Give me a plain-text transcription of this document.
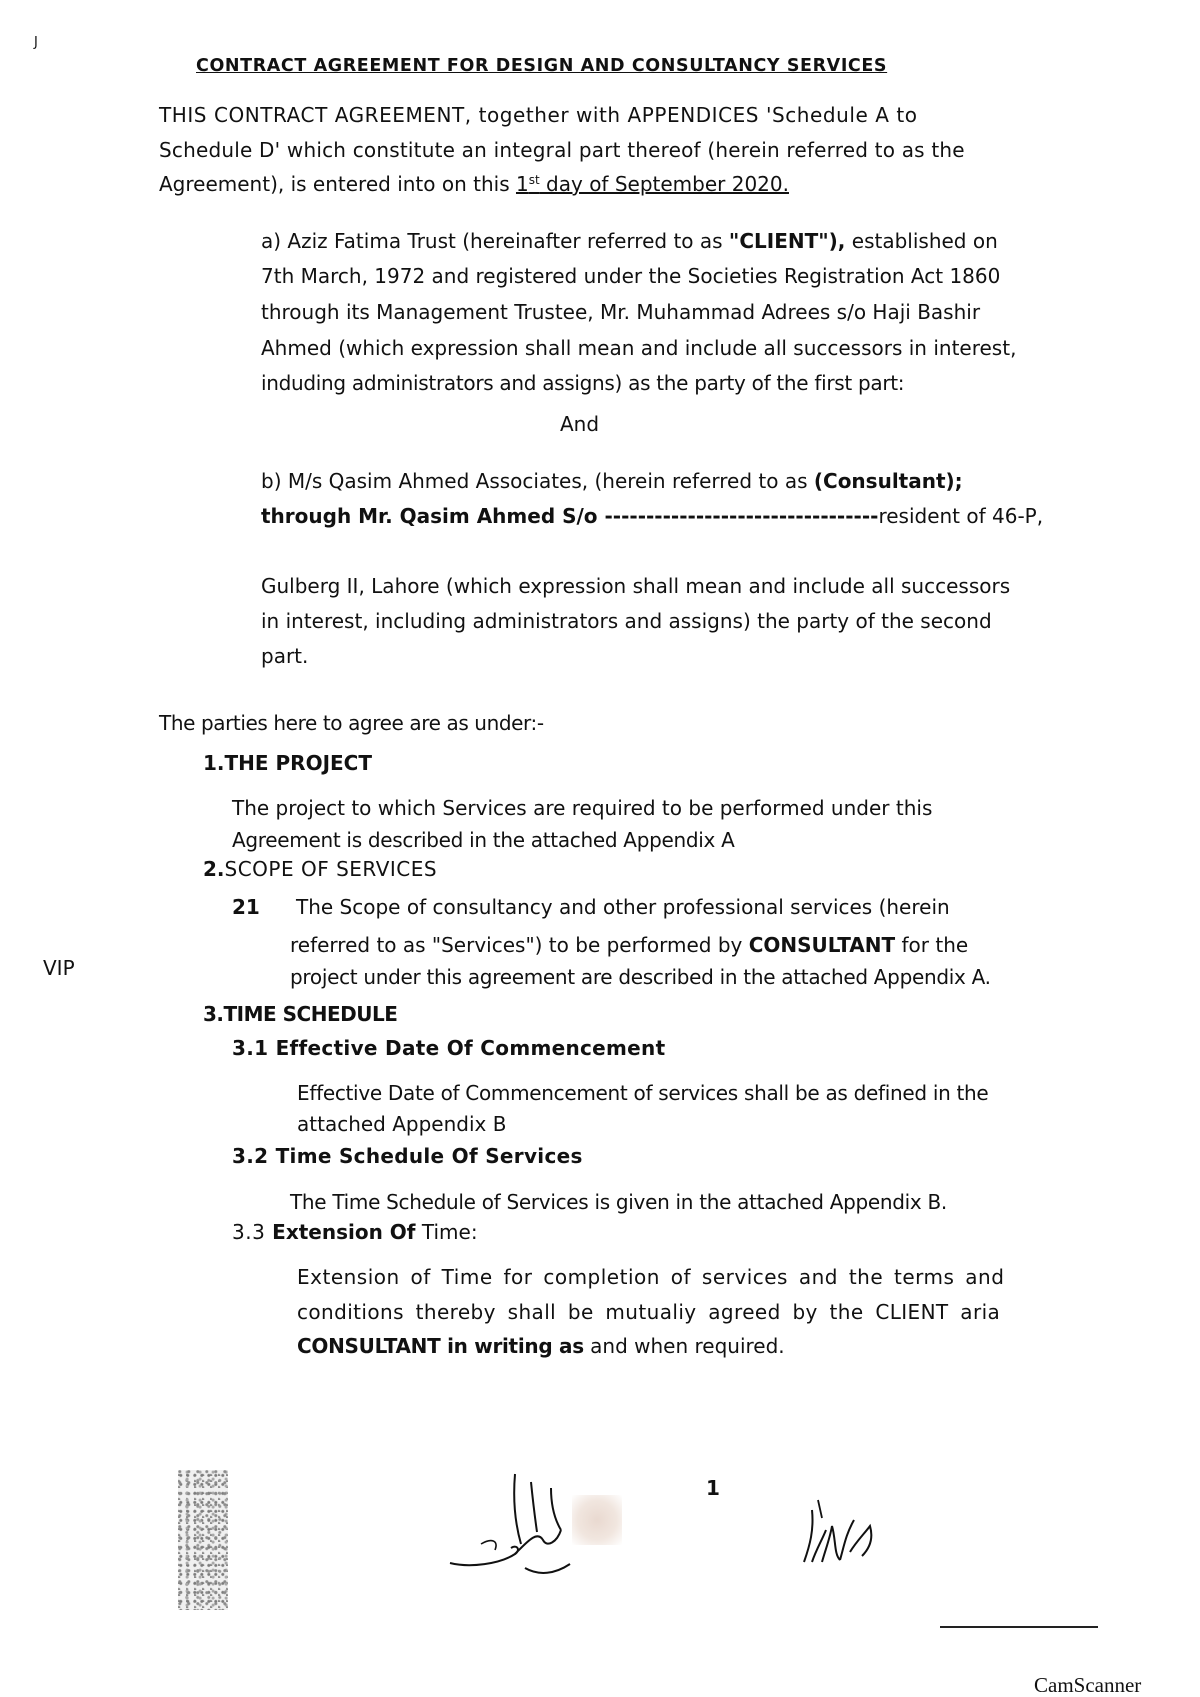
J
CONTRACT AGREEMENT FOR DESIGN AND CONSULTANCY SERVICES
THIS CONTRACT AGREEMENT, together with APPENDICES 'Schedule A to
Schedule D' which constitute an integral part thereof (herein referred to as the
Agreement), is entered into on this 1st day of September 2020.
a) Aziz Fatima Trust (hereinafter referred to as "CLIENT"), established on
7th March, 1972 and registered under the Societies Registration Act 1860
through its Management Trustee, Mr. Muhammad Adrees s/o Haji Bashir
Ahmed (which expression shall mean and include all successors in interest,
induding administrators and assigns) as the party of the first part:
And
b) M/s Qasim Ahmed Associates, (herein referred to as (Consultant);
through Mr. Qasim Ahmed S/o ---------------------------------resident of 46-P,
Gulberg II, Lahore (which expression shall mean and include all successors
in interest, including administrators and assigns) the party of the second
part.
The parties here to agree are as under:-
1.THE PROJECT
The project to which Services are required to be performed under this
Agreement is described in the attached Appendix A
2.SCOPE OF SERVICES
21 The Scope of consultancy and other professional services (herein
referred to as "Services") to be performed by CONSULTANT for the
project under this agreement are described in the attached Appendix A.
VIP
3.TIME SCHEDULE
3.1 Effective Date Of Commencement
Effective Date of Commencement of services shall be as defined in the
attached Appendix B
3.2 Time Schedule Of Services
The Time Schedule of Services is given in the attached Appendix B.
3.3 Extension Of Time:
Extension of Time for completion of services and the terms and
conditions thereby shall be mutualiy agreed by the CLIENT aria
CONSULTANT in writing as and when required.
1
CamScanner
